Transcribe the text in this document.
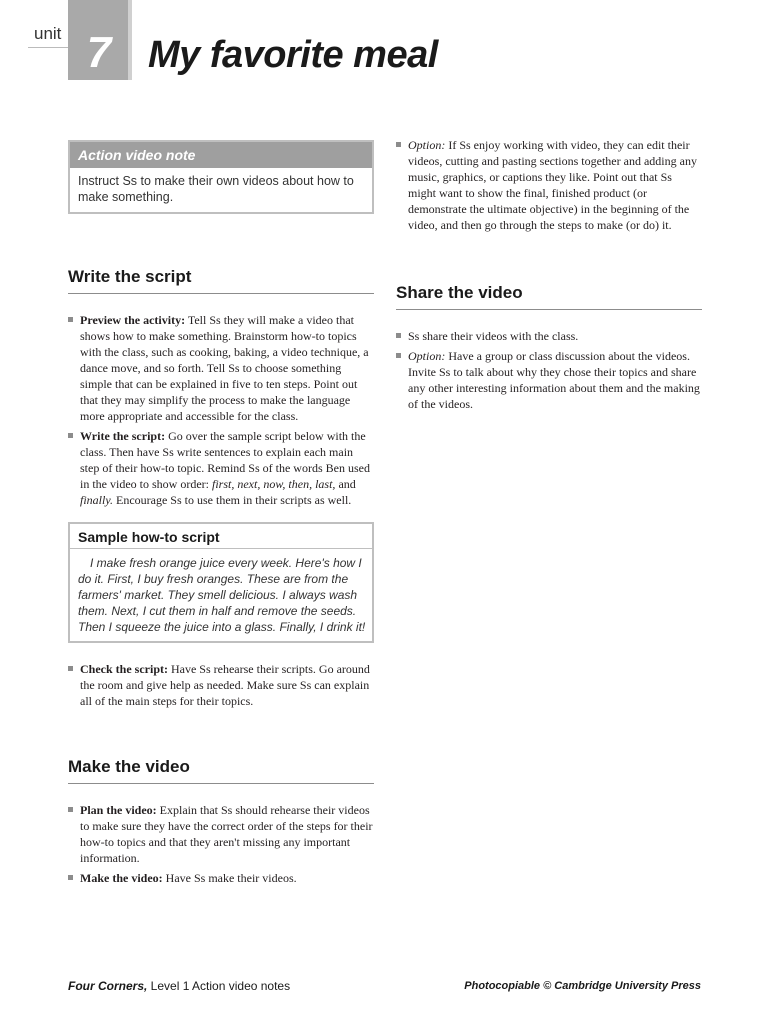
unit 7 My favorite meal
Action video note
Instruct Ss to make their own videos about how to make something.
Write the script
Preview the activity: Tell Ss they will make a video that shows how to make something. Brainstorm how-to topics with the class, such as cooking, baking, a video technique, a dance move, and so forth. Tell Ss to choose something simple that can be explained in five to ten steps. Point out that they may simplify the process to make the language more appropriate and accessible for the class.
Write the script: Go over the sample script below with the class. Then have Ss write sentences to explain each main step of their how-to topic. Remind Ss of the words Ben used in the video to show order: first, next, now, then, last, and finally. Encourage Ss to use them in their scripts as well.
Sample how-to script
I make fresh orange juice every week. Here's how I do it. First, I buy fresh oranges. These are from the farmers' market. They smell delicious. I always wash them. Next, I cut them in half and remove the seeds. Then I squeeze the juice into a glass. Finally, I drink it!
Check the script: Have Ss rehearse their scripts. Go around the room and give help as needed. Make sure Ss can explain all of the main steps for their topics.
Make the video
Plan the video: Explain that Ss should rehearse their videos to make sure they have the correct order of the steps for their how-to topics and that they aren't missing any important information.
Make the video: Have Ss make their videos.
Option: If Ss enjoy working with video, they can edit their videos, cutting and pasting sections together and adding any music, graphics, or captions they like. Point out that Ss might want to show the final, finished product (or demonstrate the ultimate objective) in the beginning of the video, and then go through the steps to make (or do) it.
Share the video
Ss share their videos with the class.
Option: Have a group or class discussion about the videos. Invite Ss to talk about why they chose their topics and share any other interesting information about them and the making of the videos.
Four Corners, Level 1 Action video notes	Photocopiable © Cambridge University Press
